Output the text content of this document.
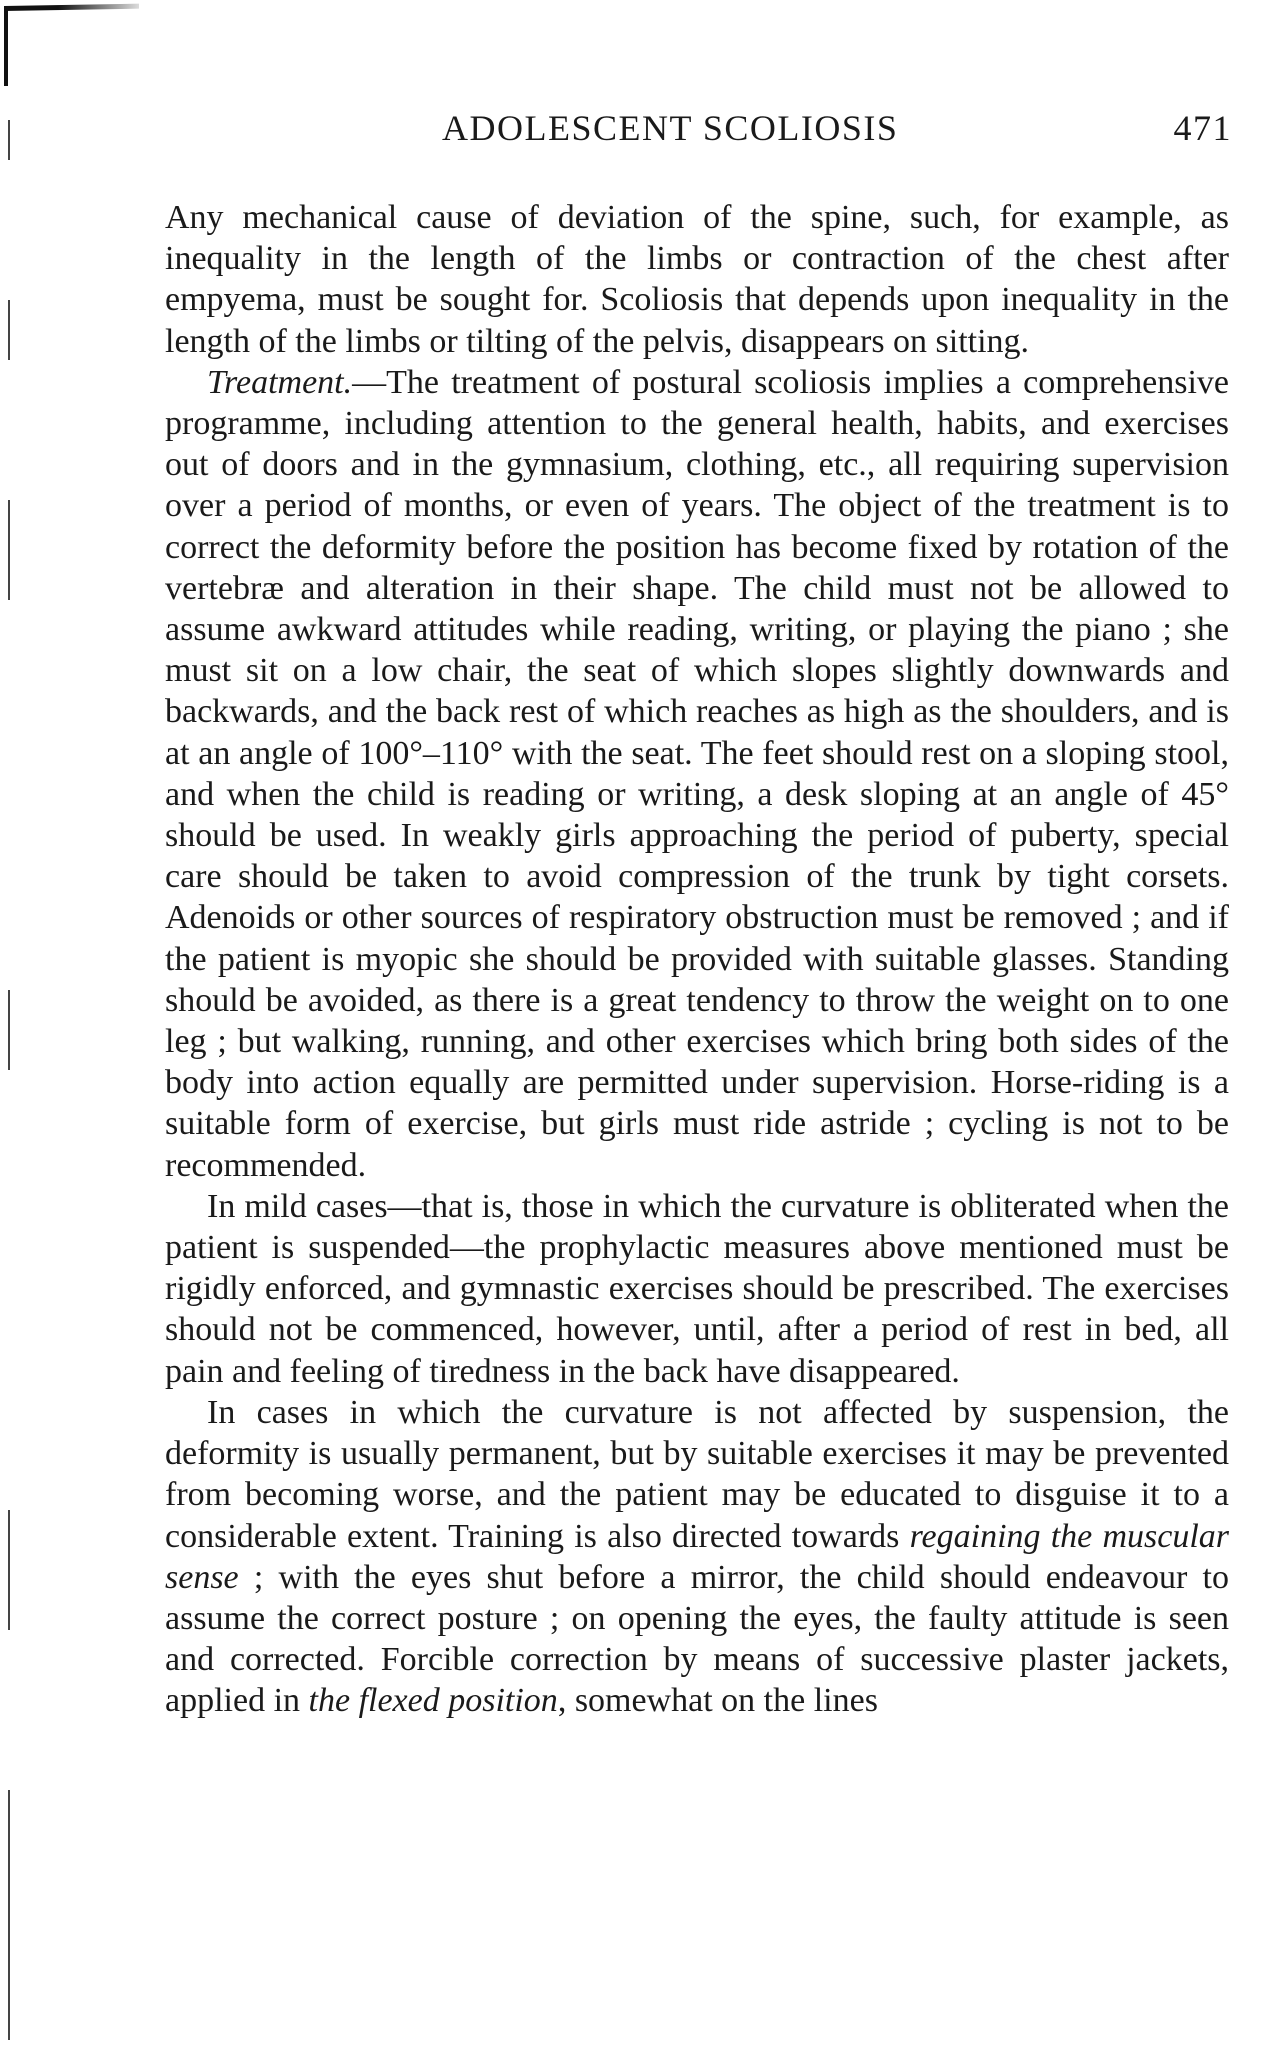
ADOLESCENT SCOLIOSIS	471

Any mechanical cause of deviation of the spine, such, for example, as inequality in the length of the limbs or contraction of the chest after empyema, must be sought for. Scoliosis that depends upon inequality in the length of the limbs or tilting of the pelvis, disappears on sitting.

Treatment.—The treatment of postural scoliosis implies a comprehensive programme, including attention to the general health, habits, and exercises out of doors and in the gymnasium, clothing, etc., all requiring supervision over a period of months, or even of years. The object of the treatment is to correct the deformity before the position has become fixed by rotation of the vertebræ and alteration in their shape. The child must not be allowed to assume awkward attitudes while reading, writing, or playing the piano ; she must sit on a low chair, the seat of which slopes slightly downwards and backwards, and the back rest of which reaches as high as the shoulders, and is at an angle of 100°–110° with the seat. The feet should rest on a sloping stool, and when the child is reading or writing, a desk sloping at an angle of 45° should be used. In weakly girls approaching the period of puberty, special care should be taken to avoid compression of the trunk by tight corsets. Adenoids or other sources of respiratory obstruction must be removed ; and if the patient is myopic she should be provided with suitable glasses. Standing should be avoided, as there is a great tendency to throw the weight on to one leg ; but walking, running, and other exercises which bring both sides of the body into action equally are permitted under supervision. Horse-riding is a suitable form of exercise, but girls must ride astride ; cycling is not to be recommended.

In mild cases—that is, those in which the curvature is obliterated when the patient is suspended—the prophylactic measures above mentioned must be rigidly enforced, and gymnastic exercises should be prescribed. The exercises should not be commenced, however, until, after a period of rest in bed, all pain and feeling of tiredness in the back have disappeared.

In cases in which the curvature is not affected by suspension, the deformity is usually permanent, but by suitable exercises it may be prevented from becoming worse, and the patient may be educated to disguise it to a considerable extent. Training is also directed towards regaining the muscular sense ; with the eyes shut before a mirror, the child should endeavour to assume the correct posture ; on opening the eyes, the faulty attitude is seen and corrected. Forcible correction by means of successive plaster jackets, applied in the flexed position, somewhat on the lines
